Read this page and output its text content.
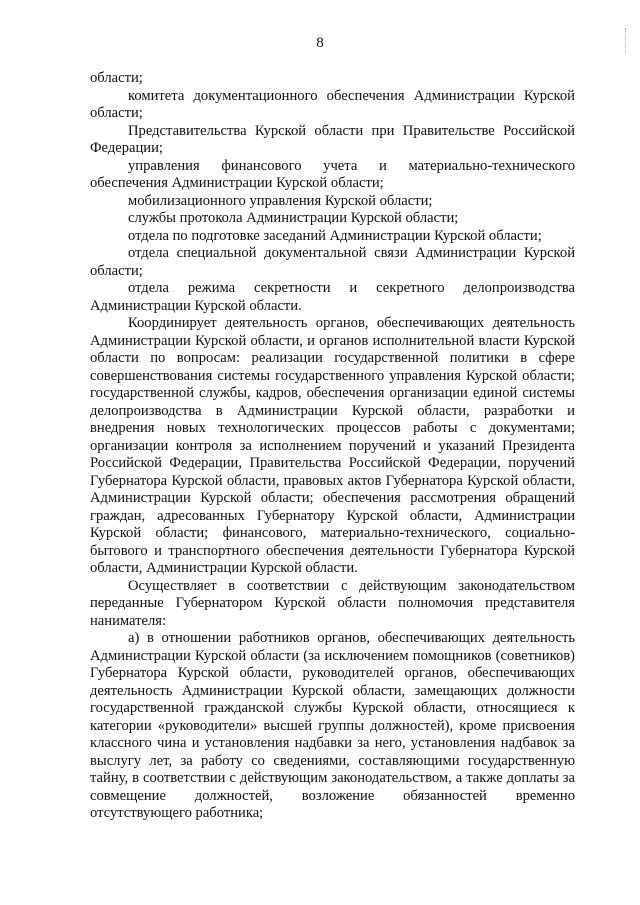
8

области;

комитета документационного обеспечения Администрации Курской области;

Представительства Курской области при Правительстве Российской Федерации;

управления финансового учета и материально-технического обеспечения Администрации Курской области;

мобилизационного управления Курской области;

службы протокола Администрации Курской области;

отдела по подготовке заседаний Администрации Курской области;

отдела специальной документальной связи Администрации Курской области;

отдела режима секретности и секретного делопроизводства Администрации Курской области.

Координирует деятельность органов, обеспечивающих деятельность Администрации Курской области, и органов исполнительной власти Курской области по вопросам: реализации государственной политики в сфере совершенствования системы государственного управления Курской области; государственной службы, кадров, обеспечения организации единой системы делопроизводства в Администрации Курской области, разработки и внедрения новых технологических процессов работы с документами; организации контроля за исполнением поручений и указаний Президента Российской Федерации, Правительства Российской Федерации, поручений Губернатора Курской области, правовых актов Губернатора Курской области, Администрации Курской области; обеспечения рассмотрения обращений граждан, адресованных Губернатору Курской области, Администрации Курской области; финансового, материально-технического, социально-бытового и транспортного обеспечения деятельности Губернатора Курской области, Администрации Курской области.

Осуществляет в соответствии с действующим законодательством переданные Губернатором Курской области полномочия представителя нанимателя:

а) в отношении работников органов, обеспечивающих деятельность Администрации Курской области (за исключением помощников (советников) Губернатора Курской области, руководителей органов, обеспечивающих деятельность Администрации Курской области, замещающих должности государственной гражданской службы Курской области, относящиеся к категории «руководители» высшей группы должностей), кроме присвоения классного чина и установления надбавки за него, установления надбавок за выслугу лет, за работу со сведениями, составляющими государственную тайну, в соответствии с действующим законодательством, а также доплаты за совмещение должностей, возложение обязанностей временно отсутствующего работника;
